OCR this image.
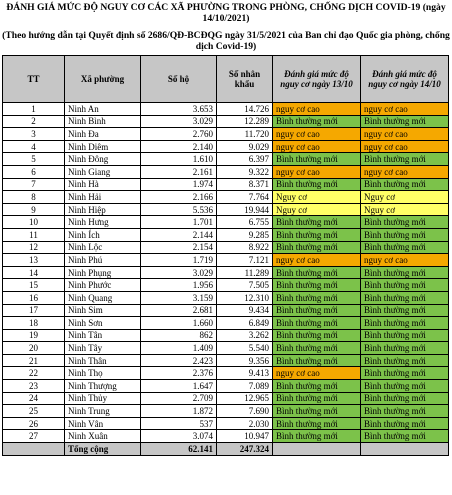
ĐÁNH GIÁ MỨC ĐỘ NGUY CƠ CÁC XÃ PHƯỜNG TRONG PHÒNG, CHỐNG DỊCH COVID-19 (ngày 14/10/2021)
(Theo hướng dẫn tại Quyết định số 2686/QĐ-BCĐQG ngày 31/5/2021 của Ban chỉ đạo Quốc gia phòng, chống dịch Covid-19)
TT	Xã phường	Số hộ	Số nhân khẩu	Đánh giá mức độ nguy cơ ngày 13/10	Đánh giá mức độ nguy cơ ngày 14/10
1	Ninh An	3.653	14.726	nguy cơ cao	nguy cơ cao
2	Ninh Bình	3.029	12.289	Bình thường mới	Bình thường mới
3	Ninh Đa	2.760	11.720	nguy cơ cao	nguy cơ cao
4	Ninh Diêm	2.140	9.029	nguy cơ cao	nguy cơ cao
5	Ninh Đông	1.610	6.397	Bình thường mới	Bình thường mới
6	Ninh Giang	2.161	9.322	nguy cơ cao	nguy cơ cao
7	Ninh Hà	1.974	8.371	Bình thường mới	Bình thường mới
8	Ninh Hải	2.166	7.764	Nguy cơ	Nguy cơ
9	Ninh Hiệp	5.536	19.944	Nguy cơ	Nguy cơ
10	Ninh Hưng	1.701	6.755	Bình thường mới	Bình thường mới
11	Ninh Ích	2.144	9.285	Bình thường mới	Bình thường mới
12	Ninh Lộc	2.154	8.922	Bình thường mới	Bình thường mới
13	Ninh Phú	1.719	7.121	nguy cơ cao	nguy cơ cao
14	Ninh Phụng	3.029	11.289	Bình thường mới	Bình thường mới
15	Ninh Phước	1.956	7.505	Bình thường mới	Bình thường mới
16	Ninh Quang	3.159	12.310	Bình thường mới	Bình thường mới
17	Ninh Sim	2.681	9.434	Bình thường mới	Bình thường mới
18	Ninh Sơn	1.660	6.849	Bình thường mới	Bình thường mới
19	Ninh Tân	862	3.262	Bình thường mới	Bình thường mới
20	Ninh Tây	1.409	5.540	Bình thường mới	Bình thường mới
21	Ninh Thân	2.423	9.356	Bình thường mới	Bình thường mới
22	Ninh Thọ	2.376	9.413	nguy cơ cao	Bình thường mới
23	Ninh Thượng	1.647	7.089	Bình thường mới	Bình thường mới
24	Ninh Thủy	2.709	12.965	Bình thường mới	Bình thường mới
25	Ninh Trung	1.872	7.690	Bình thường mới	Bình thường mới
26	Ninh Vân	537	2.030	Bình thường mới	Bình thường mới
27	Ninh Xuân	3.074	10.947	Bình thường mới	Bình thường mới
	Tổng cộng	62.141	247.324		
